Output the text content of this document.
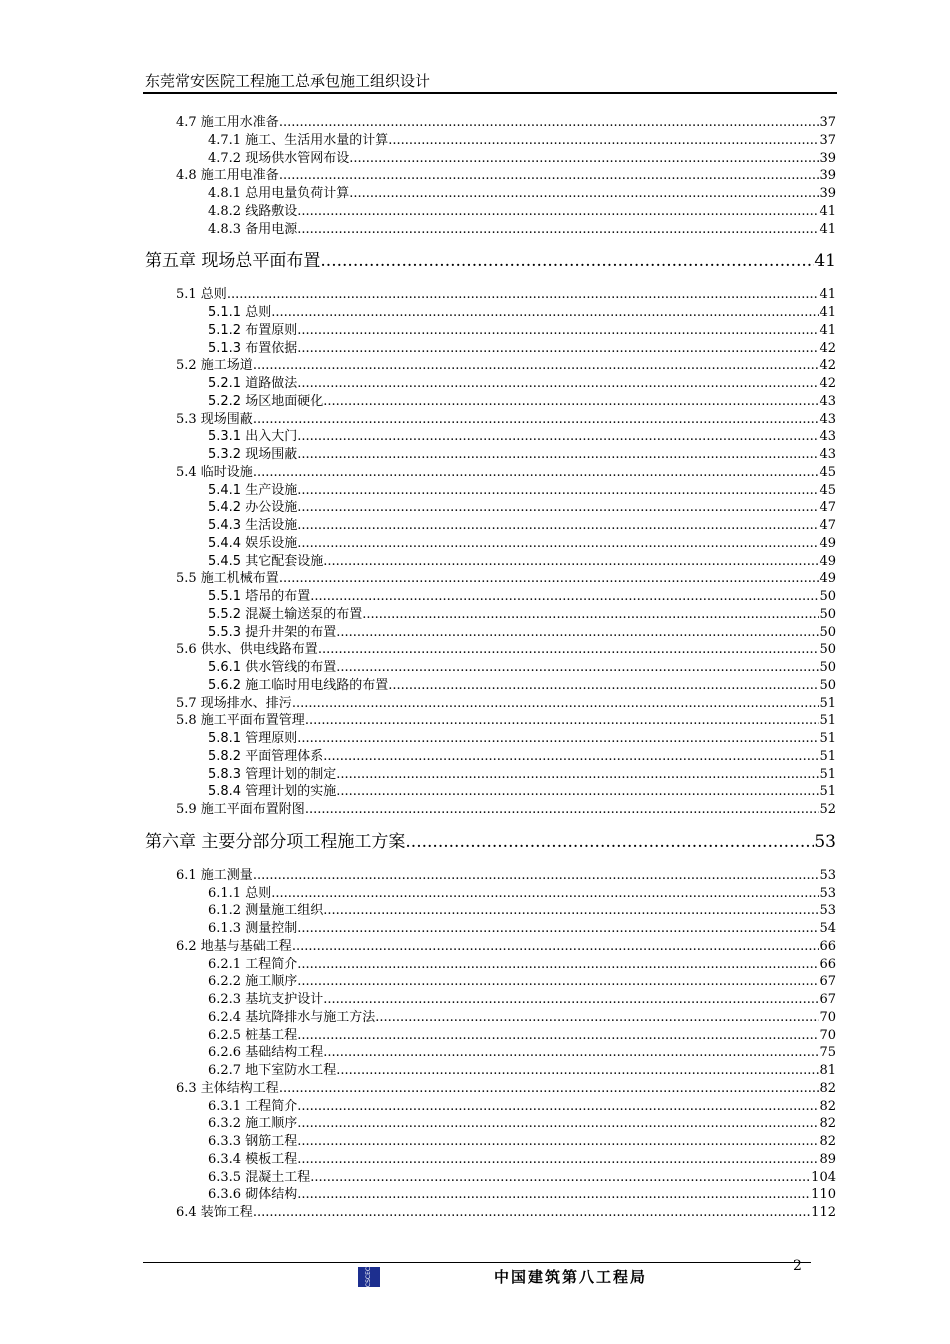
东莞常安医院工程施工总承包施工组织设计
4.7 施工用水准备 .....	37
4.7.1 施工、生活用水量的计算 .....	37
4.7.2 现场供水管网布设 .....	39
4.8 施工用电准备 .....	39
4.8.1 总用电量负荷计算 .....	39
4.8.2 线路敷设 .....	41
4.8.3 备用电源 .....	41
第五章 现场总平面布置 .....	41
5.1 总则 .....	41
5.1.1 总则 .....	41
5.1.2 布置原则 .....	41
5.1.3 布置依据 .....	42
5.2 施工场道 .....	42
5.2.1 道路做法 .....	42
5.2.2 场区地面硬化 .....	43
5.3 现场围蔽 .....	43
5.3.1 出入大门 .....	43
5.3.2 现场围蔽 .....	43
5.4 临时设施 .....	45
5.4.1 生产设施 .....	45
5.4.2 办公设施 .....	47
5.4.3 生活设施 .....	47
5.4.4 娱乐设施 .....	49
5.4.5 其它配套设施 .....	49
5.5 施工机械布置 .....	49
5.5.1 塔吊的布置 .....	50
5.5.2 混凝土输送泵的布置 .....	50
5.5.3 提升井架的布置 .....	50
5.6 供水、供电线路布置 .....	50
5.6.1 供水管线的布置 .....	50
5.6.2 施工临时用电线路的布置 .....	50
5.7 现场排水、排污 .....	51
5.8 施工平面布置管理 .....	51
5.8.1 管理原则 .....	51
5.8.2 平面管理体系 .....	51
5.8.3 管理计划的制定 .....	51
5.8.4 管理计划的实施 .....	51
5.9 施工平面布置附图 .....	52
第六章 主要分部分项工程施工方案 .....	53
6.1 施工测量 .....	53
6.1.1 总则 .....	53
6.1.2 测量施工组织 .....	53
6.1.3 测量控制 .....	54
6.2 地基与基础工程 .....	66
6.2.1 工程简介 .....	66
6.2.2 施工顺序 .....	67
6.2.3 基坑支护设计 .....	67
6.2.4 基坑降排水与施工方法 .....	70
6.2.5 桩基工程 .....	70
6.2.6 基础结构工程 .....	75
6.2.7 地下室防水工程 .....	81
6.3 主体结构工程 .....	82
6.3.1 工程简介 .....	82
6.3.2 施工顺序 .....	82
6.3.3 钢筋工程 .....	82
6.3.4 模板工程 .....	89
6.3.5 混凝土工程 .....	104
6.3.6 砌体结构 .....	110
6.4 装饰工程 .....	112
2
CSCEC	中国建筑第八工程局
